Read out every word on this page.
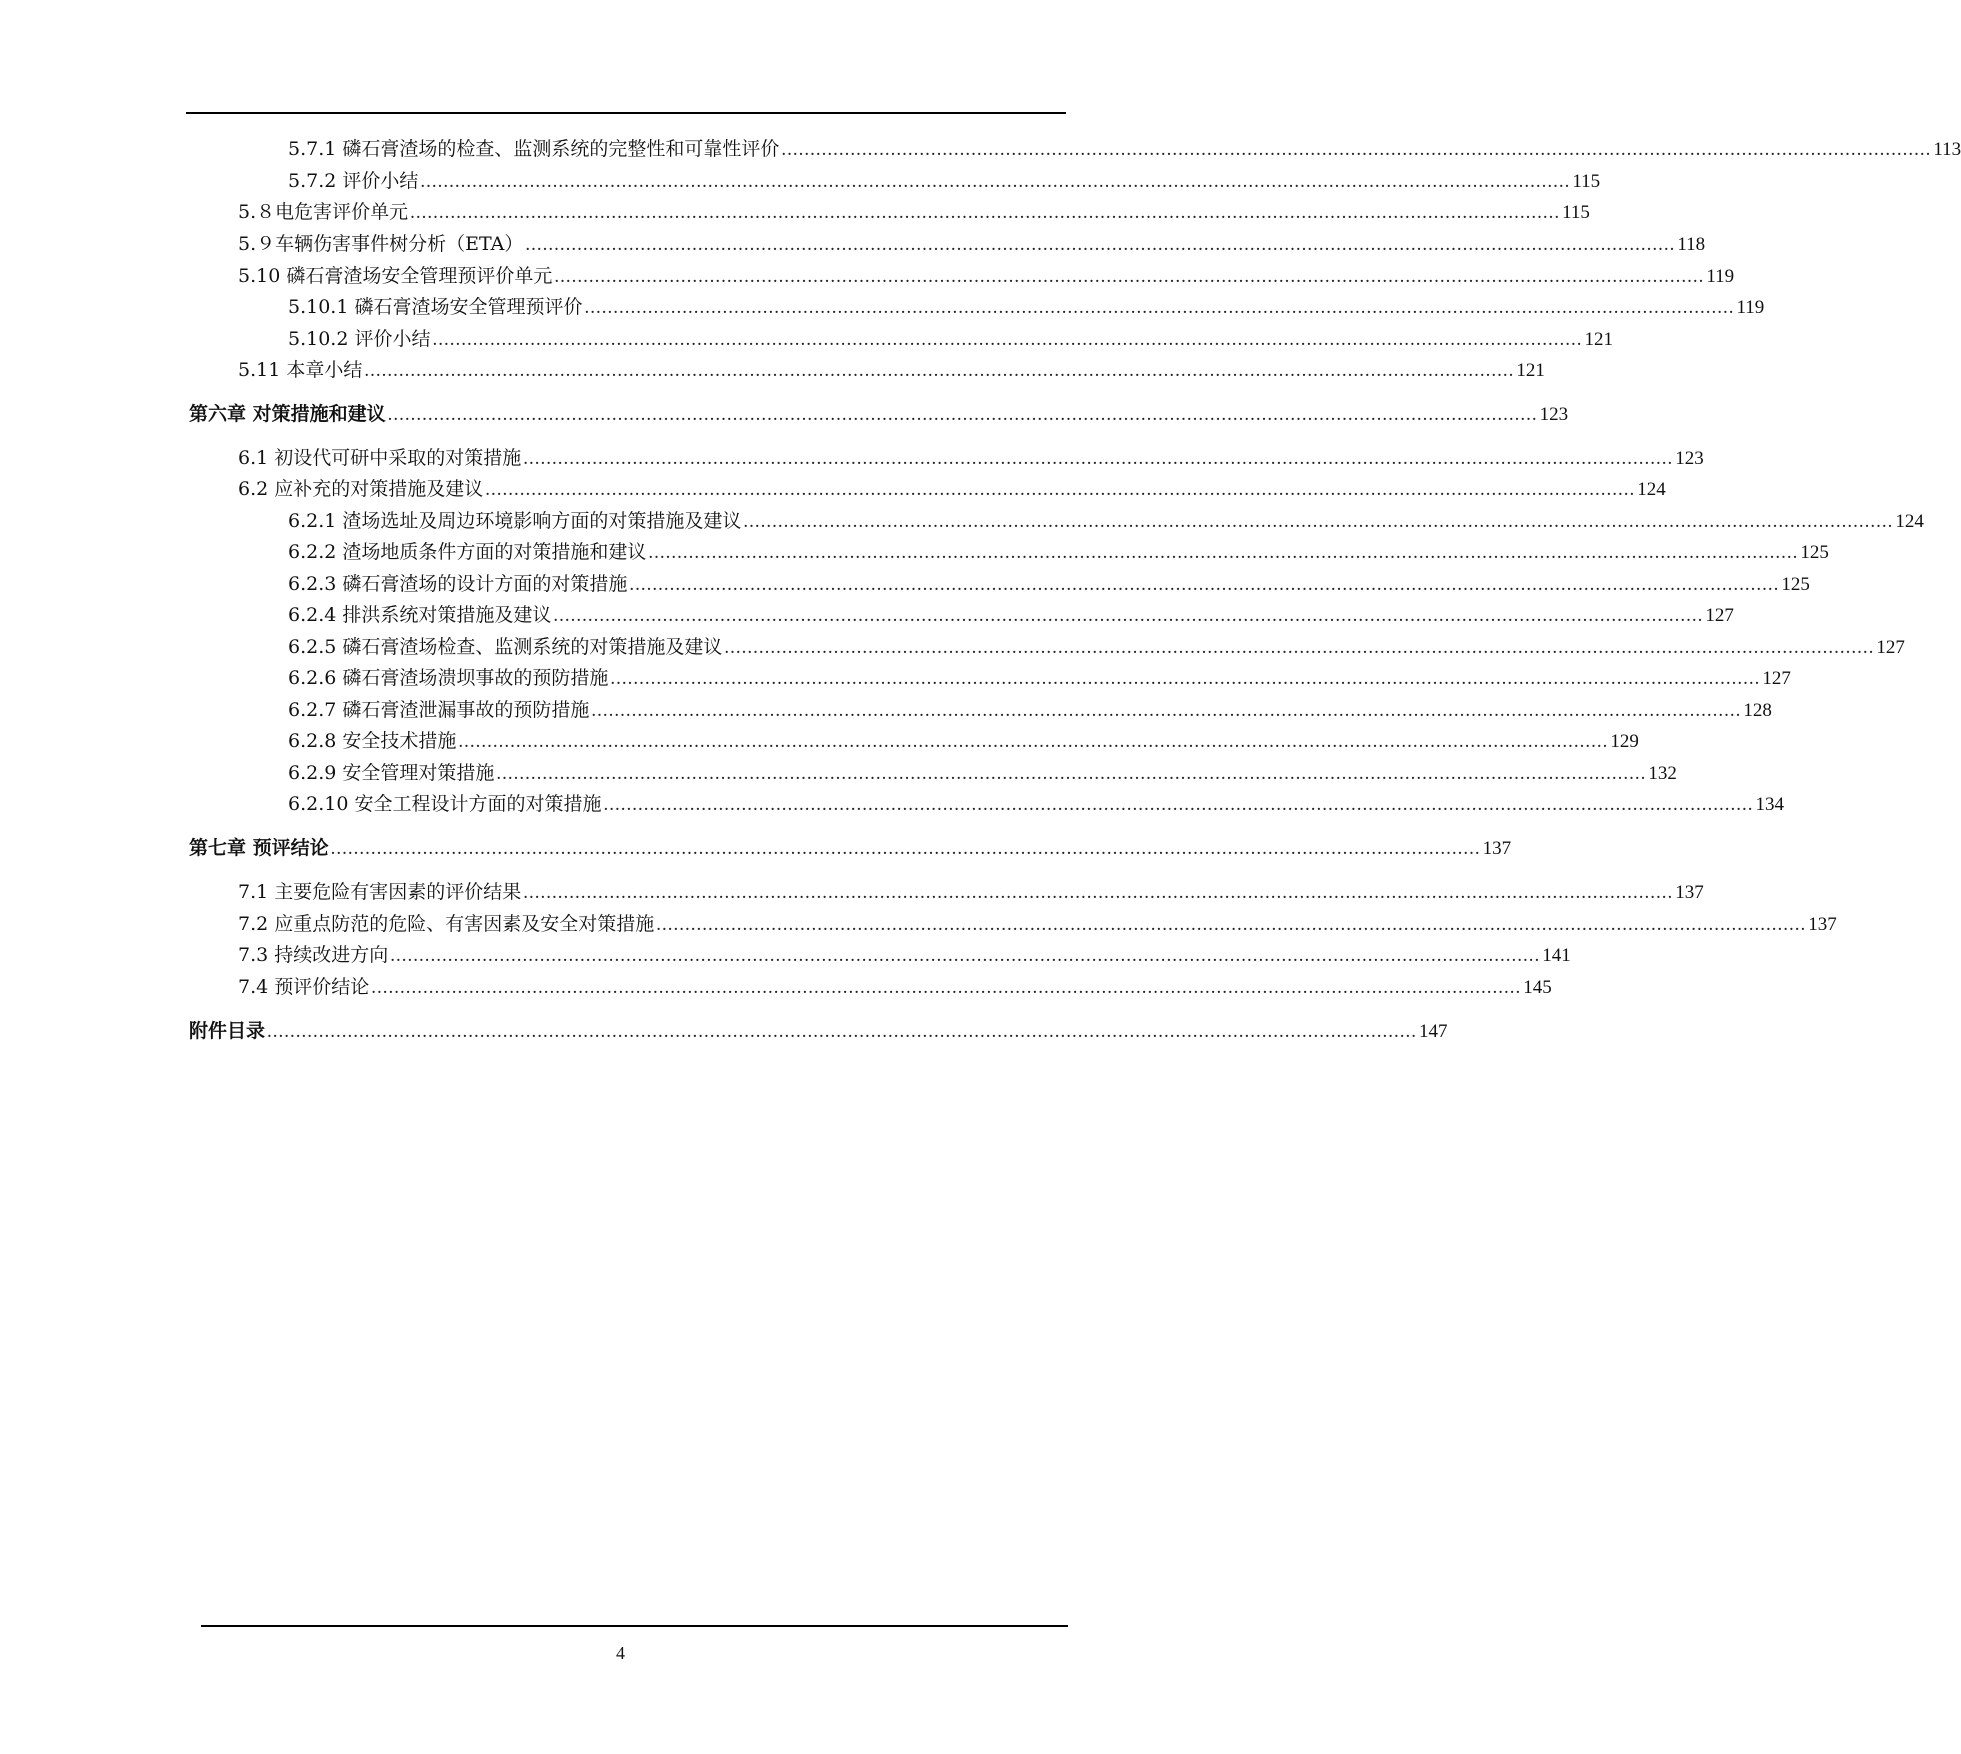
5.7.1 磷石膏渣场的检查、监测系统的完整性和可靠性评价 ........................................................................................................................................................................................................ 113
5.7.2 评价小结 ........................................................................................................................................................................................................ 115
5.８电危害评价单元 ........................................................................................................................................................................................................ 115
5.９车辆伤害事件树分析（ETA） ........................................................................................................................................................................................................ 118
5.10 磷石膏渣场安全管理预评价单元 ........................................................................................................................................................................................................ 119
5.10.1 磷石膏渣场安全管理预评价 ........................................................................................................................................................................................................ 119
5.10.2 评价小结 ........................................................................................................................................................................................................ 121
5.11 本章小结 ........................................................................................................................................................................................................ 121
第六章 对策措施和建议 ........................................................................................................................................................................................................ 123
6.1 初设代可研中采取的对策措施 ........................................................................................................................................................................................................ 123
6.2 应补充的对策措施及建议 ........................................................................................................................................................................................................ 124
6.2.1 渣场选址及周边环境影响方面的对策措施及建议 ........................................................................................................................................................................................................ 124
6.2.2 渣场地质条件方面的对策措施和建议 ........................................................................................................................................................................................................ 125
6.2.3 磷石膏渣场的设计方面的对策措施 ........................................................................................................................................................................................................ 125
6.2.4 排洪系统对策措施及建议 ........................................................................................................................................................................................................ 127
6.2.5 磷石膏渣场检查、监测系统的对策措施及建议 ........................................................................................................................................................................................................ 127
6.2.6 磷石膏渣场溃坝事故的预防措施 ........................................................................................................................................................................................................ 127
6.2.7 磷石膏渣泄漏事故的预防措施 ........................................................................................................................................................................................................ 128
6.2.8 安全技术措施 ........................................................................................................................................................................................................ 129
6.2.9 安全管理对策措施 ........................................................................................................................................................................................................ 132
6.2.10 安全工程设计方面的对策措施 ........................................................................................................................................................................................................ 134
第七章 预评结论 ........................................................................................................................................................................................................ 137
7.1 主要危险有害因素的评价结果 ........................................................................................................................................................................................................ 137
7.2 应重点防范的危险、有害因素及安全对策措施 ........................................................................................................................................................................................................ 137
7.3 持续改进方向 ........................................................................................................................................................................................................ 141
7.4 预评价结论 ........................................................................................................................................................................................................ 145
附件目录 ........................................................................................................................................................................................................ 147
4
